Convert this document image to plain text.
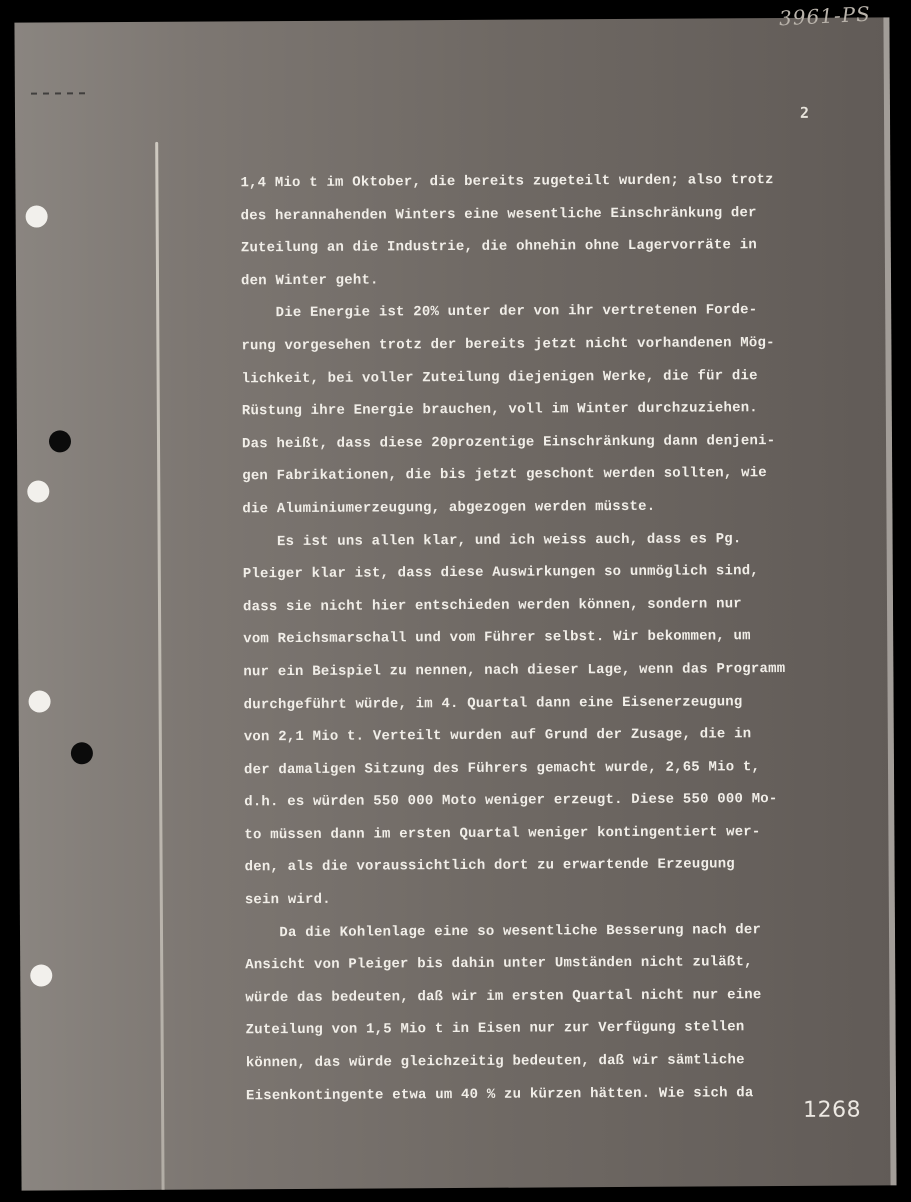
2
1,4 Mio t im Oktober, die bereits zugeteilt wurden; also trotz
des herannahenden Winters eine wesentliche Einschränkung der
Zuteilung an die Industrie, die ohnehin ohne Lagervorräte in
den Winter geht.
Die Energie ist 20% unter der von ihr vertretenen Forde-
rung vorgesehen trotz der bereits jetzt nicht vorhandenen Mög-
lichkeit, bei voller Zuteilung diejenigen Werke, die für die
Rüstung ihre Energie brauchen, voll im Winter durchzuziehen.
Das heißt, dass diese 20prozentige Einschränkung dann denjeni-
gen Fabrikationen, die bis jetzt geschont werden sollten, wie
die Aluminiumerzeugung, abgezogen werden müsste.
Es ist uns allen klar, und ich weiss auch, dass es Pg.
Pleiger klar ist, dass diese Auswirkungen so unmöglich sind,
dass sie nicht hier entschieden werden können, sondern nur
vom Reichsmarschall und vom Führer selbst. Wir bekommen, um
nur ein Beispiel zu nennen, nach dieser Lage, wenn das Programm
durchgeführt würde, im 4. Quartal dann eine Eisenerzeugung
von 2,1 Mio t. Verteilt wurden auf Grund der Zusage, die in
der damaligen Sitzung des Führers gemacht wurde, 2,65 Mio t,
d.h. es würden 550 000 Moto weniger erzeugt. Diese 550 000 Mo-
to müssen dann im ersten Quartal weniger kontingentiert wer-
den, als die voraussichtlich dort zu erwartende Erzeugung
sein wird.
Da die Kohlenlage eine so wesentliche Besserung nach der
Ansicht von Pleiger bis dahin unter Umständen nicht zuläßt,
würde das bedeuten, daß wir im ersten Quartal nicht nur eine
Zuteilung von 1,5 Mio t in Eisen nur zur Verfügung stellen
können, das würde gleichzeitig bedeuten, daß wir sämtliche
Eisenkontingente etwa um 40 % zu kürzen hätten. Wie sich da
1268
3961-PS
